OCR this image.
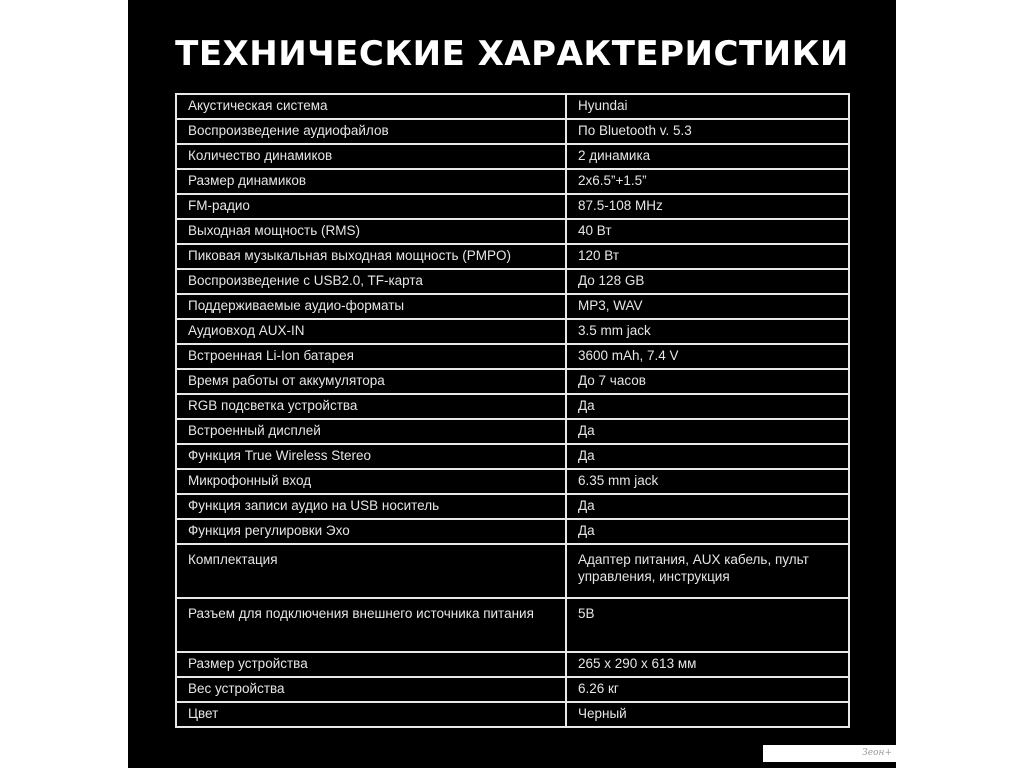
ТЕХНИЧЕСКИЕ ХАРАКТЕРИСТИКИ
Акустическая система	Hyundai
Воспроизведение аудиофайлов	По Bluetooth v. 5.3
Количество динамиков	2 динамика
Размер динамиков	2x6.5”+1.5”
FM-радио	87.5-108 MHz
Выходная мощность (RMS)	40 Вт
Пиковая музыкальная выходная мощность (PMPO)	120 Вт
Воспроизведение с USB2.0, TF-карта	До 128 GB
Поддерживаемые аудио-форматы	MP3, WAV
Аудиовход AUX-IN	3.5 mm jack
Встроенная Li-Ion батарея	3600 mAh, 7.4 V
Время работы от аккумулятора	До 7 часов
RGB подсветка устройства	Да
Встроенный дисплей	Да
Функция True Wireless Stereo	Да
Микрофонный вход	6.35 mm jack
Функция записи аудио на USB носитель	Да
Функция регулировки Эхо	Да
Комплектация	Адаптер питания, AUX кабель, пульт управления, инструкция
Разъем для подключения внешнего источника питания	5В
Размер устройства	265 x 290 x 613 мм
Вес устройства	6.26 кг
Цвет	Черный
Зеон+
